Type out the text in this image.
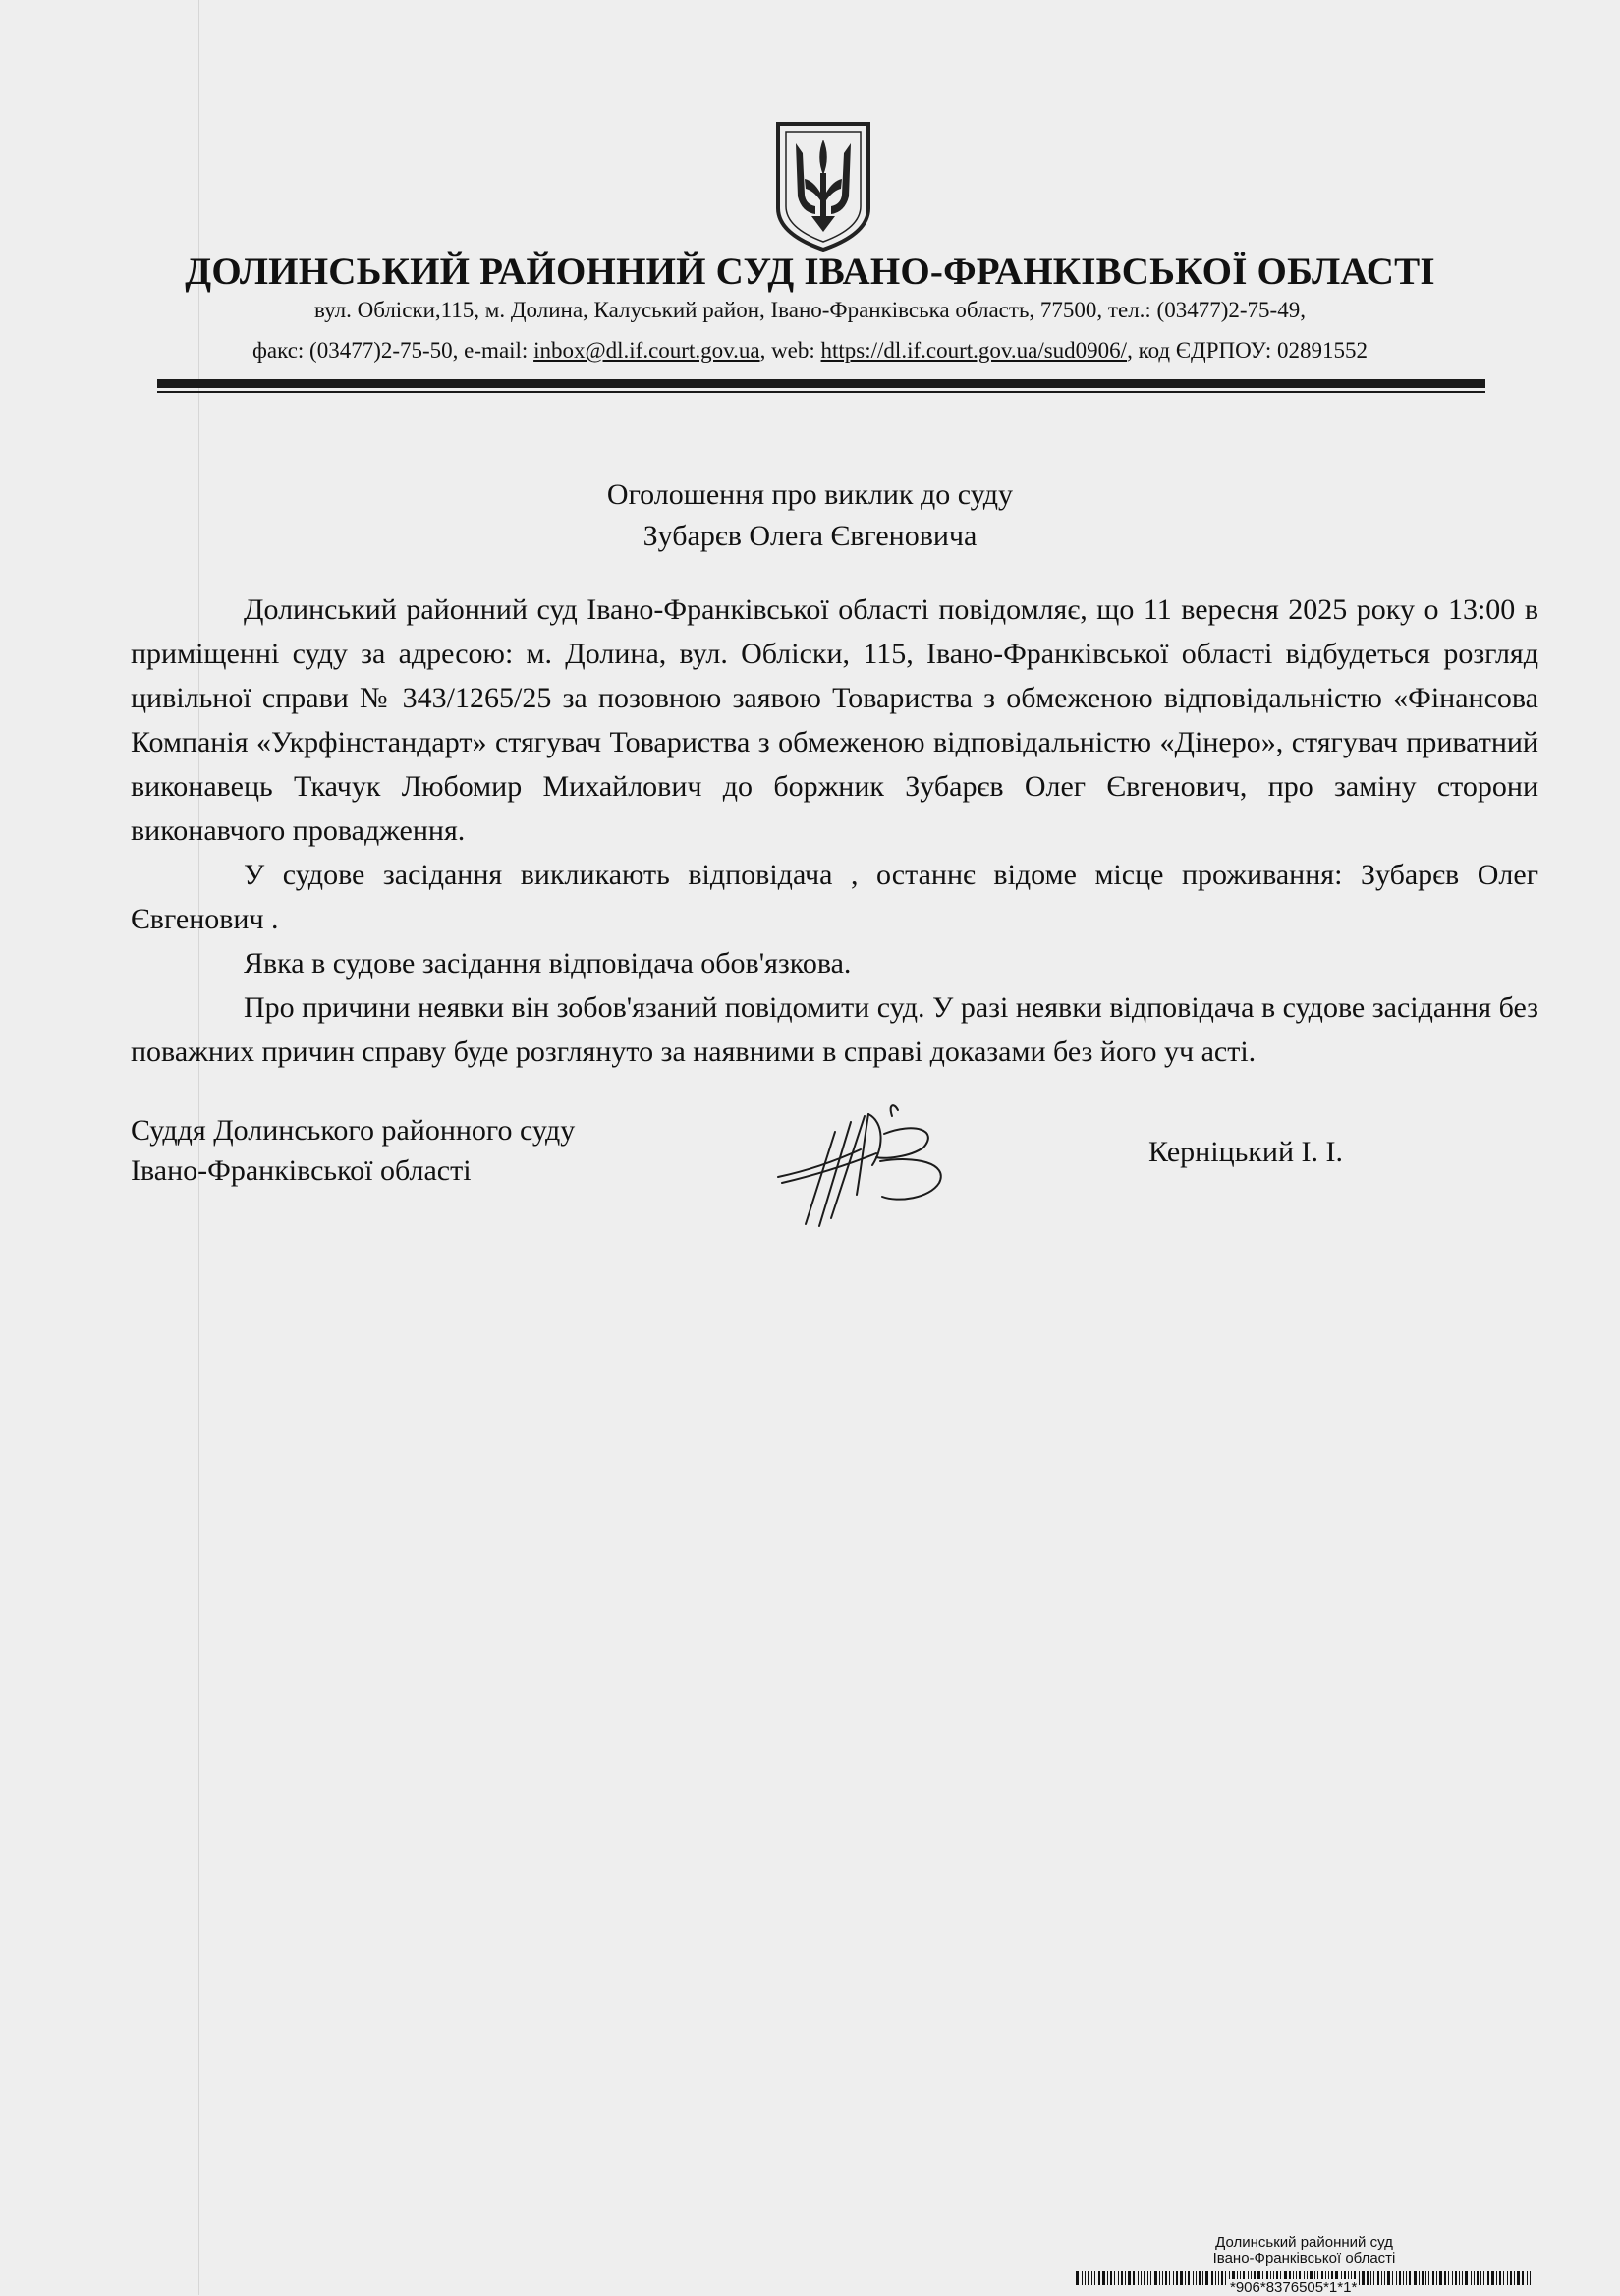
ДОЛИНСЬКИЙ РАЙОННИЙ СУД ІВАНО-ФРАНКІВСЬКОЇ ОБЛАСТІ
вул. Обліски,115, м. Долина, Калуський район, Івано-Франківська область, 77500, тел.: (03477)2-75-49,
факс: (03477)2-75-50, e-mail: inbox@dl.if.court.gov.ua, web: https://dl.if.court.gov.ua/sud0906/, код ЄДРПОУ: 02891552
Оголошення про виклик до суду
Зубарєв Олега Євгеновича

Долинський районний суд Івано-Франківської області повідомляє, що 11 вересня 2025 року о 13:00 в приміщенні суду за адресою: м. Долина, вул. Обліски, 115, Івано-Франківської області відбудеться розгляд цивільної справи № 343/1265/25 за позовною заявою Товариства з обмеженою відповідальністю «Фінансова Компанія «Укрфінстандарт» стягувач Товариства з обмеженою відповідальністю «Дінеро», стягувач приватний виконавець Ткачук Любомир Михайлович до боржник Зубарєв Олег Євгенович, про заміну сторони виконавчого провадження.

У судове засідання викликають відповідача , останнє відоме місце проживання: Зубарєв Олег Євгенович .

Явка в судове засідання відповідача обов'язкова.

Про причини неявки він зобов'язаний повідомити суд. У разі неявки відповідача в судове засідання без поважних причин справу буде розглянуто за наявними в справі доказами без його уч асті.

Суддя Долинського районного суду
Івано-Франківської області
Керніцький І. І.
Долинський районний суд
Івано-Франківської області
*906*8376505*1*1*
